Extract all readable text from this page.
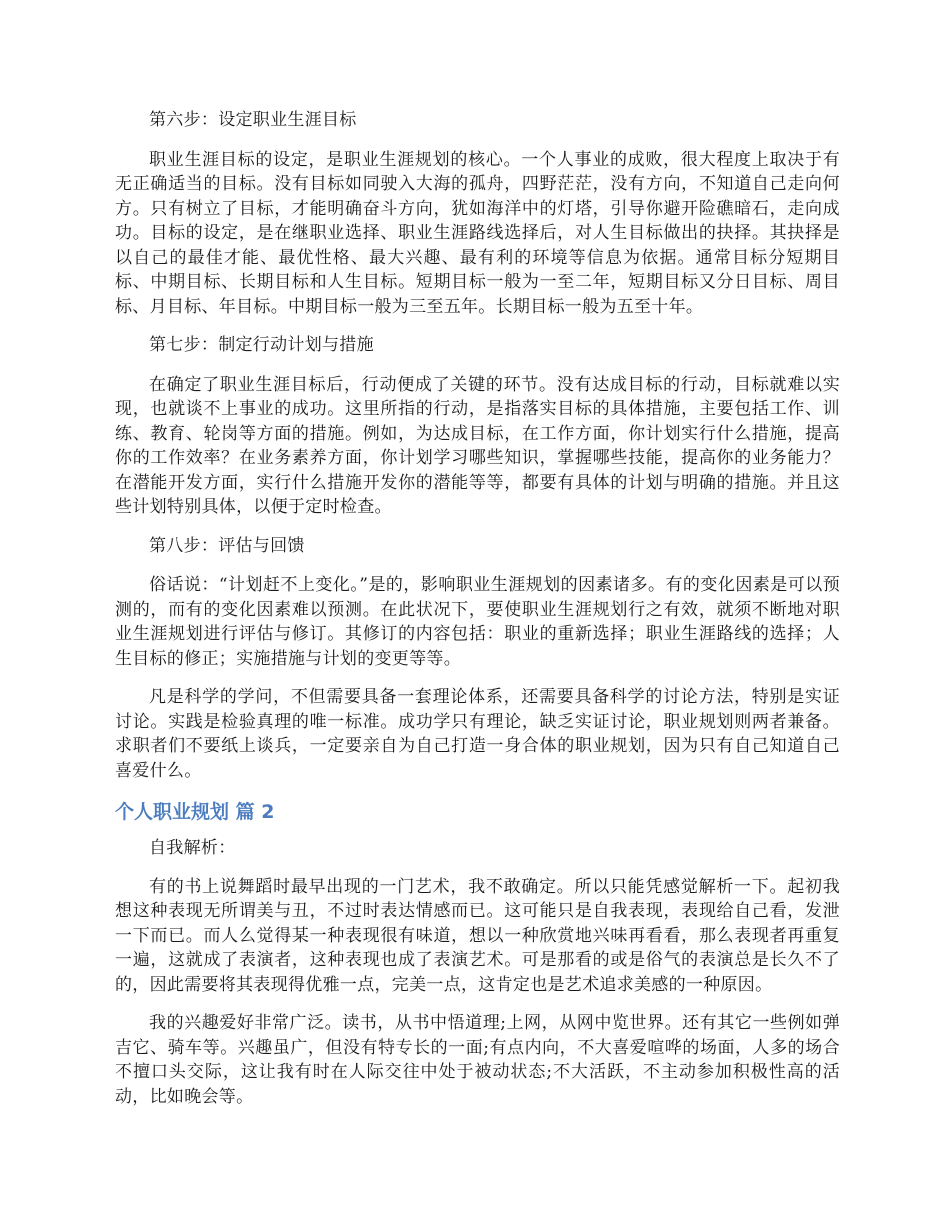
第六步：设定职业生涯目标

职业生涯目标的设定，是职业生涯规划的核心。一个人事业的成败，很大程度上取决于有无正确适当的目标。没有目标如同驶入大海的孤舟，四野茫茫，没有方向，不知道自己走向何方。只有树立了目标，才能明确奋斗方向，犹如海洋中的灯塔，引导你避开险礁暗石，走向成功。目标的设定，是在继职业选择、职业生涯路线选择后，对人生目标做出的抉择。其抉择是以自己的最佳才能、最优性格、最大兴趣、最有利的环境等信息为依据。通常目标分短期目标、中期目标、长期目标和人生目标。短期目标一般为一至二年，短期目标又分日目标、周目标、月目标、年目标。中期目标一般为三至五年。长期目标一般为五至十年。

第七步：制定行动计划与措施

在确定了职业生涯目标后，行动便成了关键的环节。没有达成目标的行动，目标就难以实现，也就谈不上事业的成功。这里所指的行动，是指落实目标的具体措施，主要包括工作、训练、教育、轮岗等方面的措施。例如，为达成目标，在工作方面，你计划实行什么措施，提高你的工作效率？在业务素养方面，你计划学习哪些知识，掌握哪些技能，提高你的业务能力？在潜能开发方面，实行什么措施开发你的潜能等等，都要有具体的计划与明确的措施。并且这些计划特别具体，以便于定时检查。

第八步：评估与回馈

俗话说：“计划赶不上变化。”是的，影响职业生涯规划的因素诸多。有的变化因素是可以预测的，而有的变化因素难以预测。在此状况下，要使职业生涯规划行之有效，就须不断地对职业生涯规划进行评估与修订。其修订的内容包括：职业的重新选择；职业生涯路线的选择；人生目标的修正；实施措施与计划的变更等等。

凡是科学的学问，不但需要具备一套理论体系，还需要具备科学的讨论方法，特别是实证讨论。实践是检验真理的唯一标准。成功学只有理论，缺乏实证讨论，职业规划则两者兼备。求职者们不要纸上谈兵，一定要亲自为自己打造一身合体的职业规划，因为只有自己知道自己喜爱什么。

个人职业规划 篇 2

自我解析：

有的书上说舞蹈时最早出现的一门艺术，我不敢确定。所以只能凭感觉解析一下。起初我想这种表现无所谓美与丑，不过时表达情感而已。这可能只是自我表现，表现给自己看，发泄一下而已。而人么觉得某一种表现很有味道，想以一种欣赏地兴味再看看，那么表现者再重复一遍，这就成了表演者，这种表现也成了表演艺术。可是那看的或是俗气的表演总是长久不了的，因此需要将其表现得优雅一点，完美一点，这肯定也是艺术追求美感的一种原因。

我的兴趣爱好非常广泛。读书，从书中悟道理;上网，从网中览世界。还有其它一些例如弹吉它、骑车等。兴趣虽广，但没有特专长的一面;有点内向，不大喜爱喧哗的场面，人多的场合不擅口头交际，这让我有时在人际交往中处于被动状态;不大活跃，不主动参加积极性高的活动，比如晚会等。
